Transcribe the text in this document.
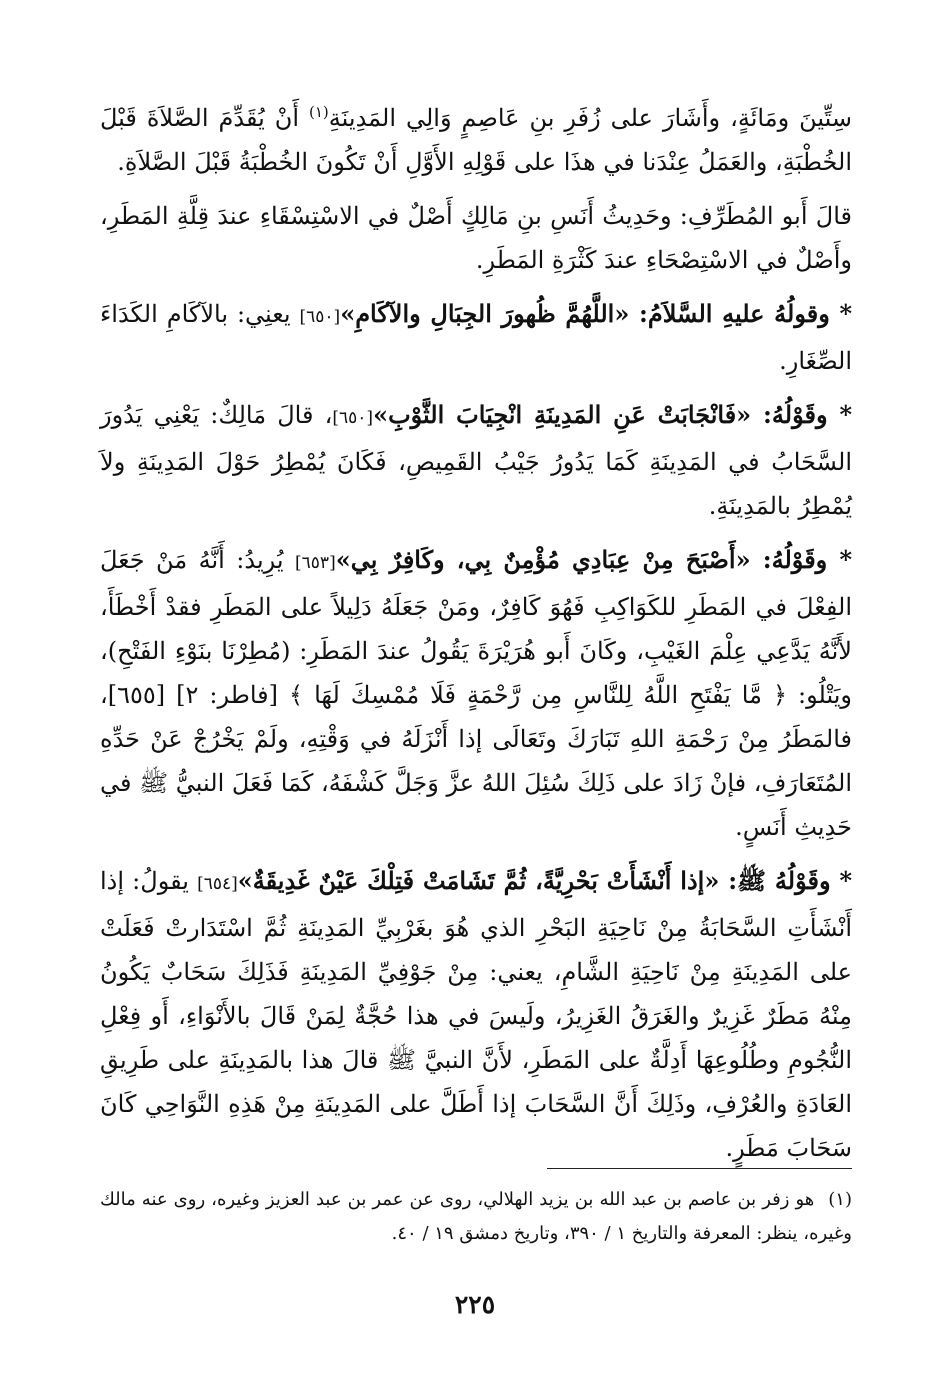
سِتِّينَ ومَائَةٍ، وأَشَارَ على زُفَرِ بنِ عَاصِمٍ وَالِي المَدِينَةِ$^{(١)}$ أَنْ يُقَدِّمَ الصَّلاَةَ قَبْلَ الخُطْبَةِ، والعَمَلُ عِنْدَنا في هذَا على قَوْلِهِ الأَوَّلِ أَنْ تَكُونَ الخُطْبَةُ قَبْلَ الصَّلاَةِ.

قالَ أَبو المُطَرِّفِ: وحَدِيثُ أَنَسِ بنِ مَالِكٍ أَصْلٌ في الاسْتِسْقَاءِ عندَ قِلَّةِ المَطَرِ، وأَصْلٌ في الاسْتِصْحَاءِ عندَ كَثْرَةِ المَطَرِ.

* وقولُهُ عليهِ السَّلاَمُ: «اللَّهُمَّ ظُهورَ الجِبَالِ والآكَامِ»[٦٥٠] يعنِي: بالآكَامِ الكَدَاءَ الصِّغَارِ.

* وقَوْلُهُ: «فَانْجَابَتْ عَنِ المَدِينَةِ انْجِيَابَ الثَّوْبِ»[٦٥٠]، قالَ مَالِكٌ: يَعْنِي يَدُورَ السَّحَابُ في المَدِينَةِ كَمَا يَدُورُ جَيْبُ القَمِيصِ، فَكَانَ يُمْطِرُ حَوْلَ المَدِينَةِ ولاَ يُمْطِرُ بالمَدِينَةِ.

* وقَوْلُهُ: «أَصْبَحَ مِنْ عِبَادِي مُؤْمِنٌ بِي، وكَافِرٌ بِي»[٦٥٣] يُرِيدُ: أَنَّهُ مَنْ جَعَلَ الفِعْلَ في المَطَرِ للكَوَاكِبِ فَهُوَ كَافِرٌ، ومَنْ جَعَلَهُ دَلِيلاً على المَطَرِ فقدْ أَخْطَأَ، لأَنَّهُ يَدَّعِي عِلْمَ الغَيْبِ، وكَانَ أَبو هُرَيْرَةَ يَقُولُ عندَ المَطَرِ: (مُطِرْنَا بنَوْءِ الفَتْحِ)، ويَتْلُو: ﴿ مَّا يَفْتَحِ اللَّهُ لِلنَّاسِ مِن رَّحْمَةٍ فَلَا مُمْسِكَ لَهَا ﴾ [فاطر: ٢] [٦٥٥]، فالمَطَرُ مِنْ رَحْمَةِ اللهِ تَبَارَكَ وتَعَالَى إذا أَنْزَلَهُ في وَقْتِهِ، ولَمْ يَخْرُجْ عَنْ حَدِّهِ المُتَعَارَفِ، فإنْ زَادَ على ذَلِكَ سُئِلَ اللهُ عزَّ وَجَلَّ كَشْفَهُ، كَمَا فَعَلَ النبيُّ ﷺ في حَدِيثِ أَنَسٍ.

* وقَوْلُهُ ﷺ: «إذا أَنْشَأَتْ بَحْرِيَّةً، ثُمَّ تَشَامَتْ فَتِلْكَ عَيْنٌ غَدِيقَةٌ»[٦٥٤] يقولُ: إذا أَنْشَأَتِ السَّحَابَةُ مِنْ نَاحِيَةِ البَحْرِ الذي هُوَ بغَرْبِيِّ المَدِينَةِ ثُمَّ اسْتَدَارتْ فَعَلَتْ على المَدِينَةِ مِنْ نَاحِيَةِ الشَّامِ، يعني: مِنْ جَوْفِيِّ المَدِينَةِ فَذَلِكَ سَحَابٌ يَكُونُ مِنْهُ مَطَرٌ غَزِيرٌ والغَرَقُ الغَزِيرُ، ولَيسَ في هذا حُجَّةٌ لِمَنْ قَالَ بالأَنْوَاءِ، أَو فِعْلِ النُّجُومِ وطُلُوعِهَا أَدِلَّةٌ على المَطَرِ، لأَنَّ النبيَّ ﷺ قالَ هذا بالمَدِينَةِ على طَرِيقِ العَادَةِ والعُرْفِ، وذَلِكَ أَنَّ السَّحَابَ إذا أَطَلَّ على المَدِينَةِ مِنْ هَذِهِ النَّوَاحِي كَانَ سَحَابَ مَطَرٍ.

(١)هو زفر بن عاصم بن عبد الله بن يزيد الهلالي، روى عن عمر بن عبد العزيز وغيره، روى عنه مالك وغيره، ينظر: المعرفة والتاريخ ١ / ٣٩٠، وتاريخ دمشق ١٩ / ٤٠.
٢٢٥
